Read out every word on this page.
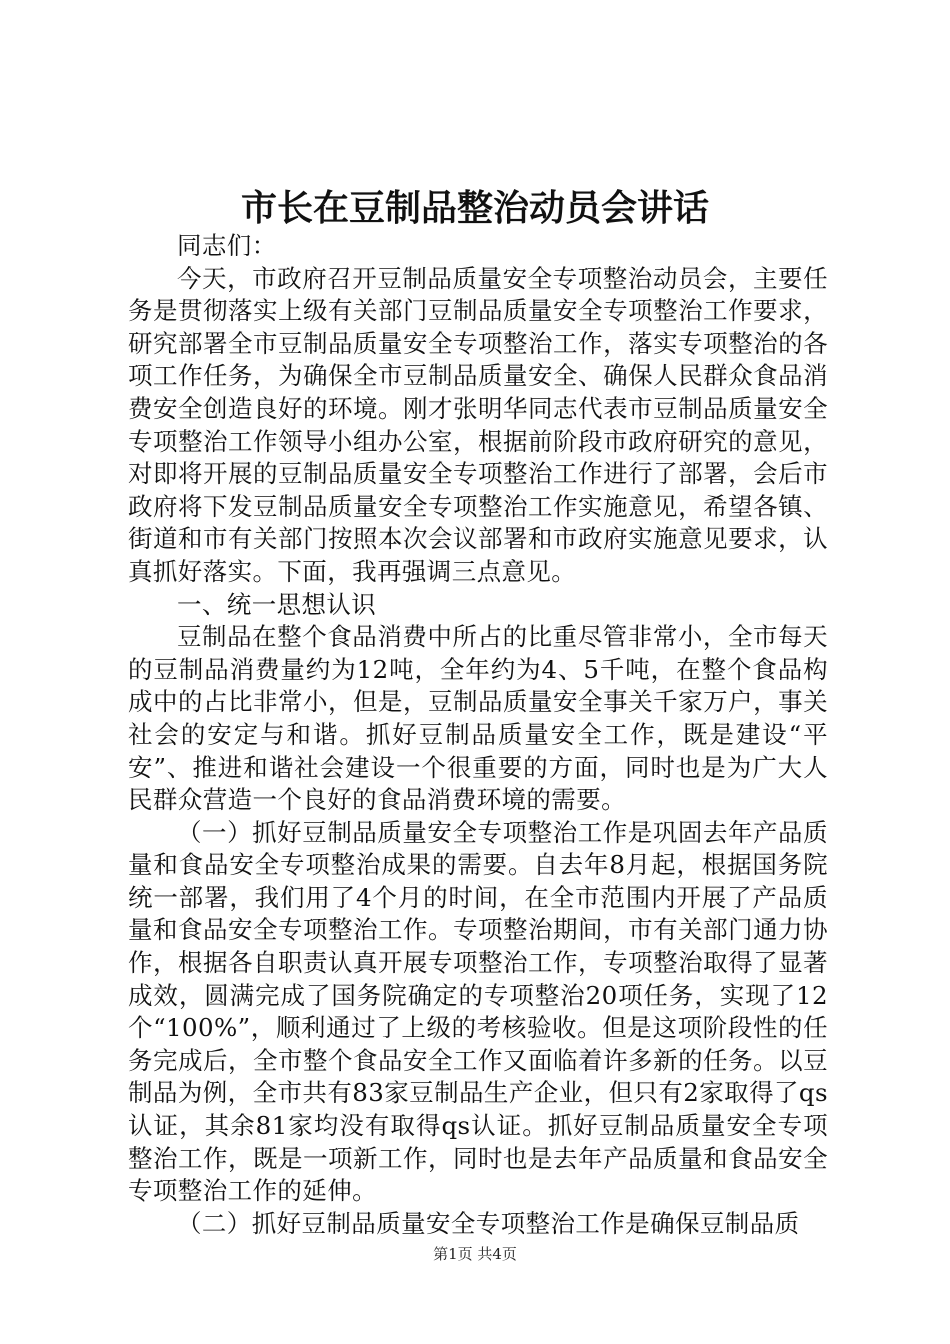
市长在豆制品整治动员会讲话

同志们：

今天，市政府召开豆制品质量安全专项整治动员会，主要任务是贯彻落实上级有关部门豆制品质量安全专项整治工作要求，研究部署全市豆制品质量安全专项整治工作，落实专项整治的各项工作任务，为确保全市豆制品质量安全、确保人民群众食品消费安全创造良好的环境。刚才张明华同志代表市豆制品质量安全专项整治工作领导小组办公室，根据前阶段市政府研究的意见，对即将开展的豆制品质量安全专项整治工作进行了部署，会后市政府将下发豆制品质量安全专项整治工作实施意见，希望各镇、街道和市有关部门按照本次会议部署和市政府实施意见要求，认真抓好落实。下面，我再强调三点意见。

一、统一思想认识

豆制品在整个食品消费中所占的比重尽管非常小，全市每天的豆制品消费量约为12吨，全年约为4、5千吨，在整个食品构成中的占比非常小，但是，豆制品质量安全事关千家万户，事关社会的安定与和谐。抓好豆制品质量安全工作，既是建设“平安”、推进和谐社会建设一个很重要的方面，同时也是为广大人民群众营造一个良好的食品消费环境的需要。

（一）抓好豆制品质量安全专项整治工作是巩固去年产品质量和食品安全专项整治成果的需要。自去年8月起，根据国务院统一部署，我们用了4个月的时间，在全市范围内开展了产品质量和食品安全专项整治工作。专项整治期间，市有关部门通力协作，根据各自职责认真开展专项整治工作，专项整治取得了显著成效，圆满完成了国务院确定的专项整治20项任务，实现了12个“100%”，顺利通过了上级的考核验收。但是这项阶段性的任务完成后，全市整个食品安全工作又面临着许多新的任务。以豆制品为例，全市共有83家豆制品生产企业，但只有2家取得了qs认证，其余81家均没有取得qs认证。抓好豆制品质量安全专项整治工作，既是一项新工作，同时也是去年产品质量和食品安全专项整治工作的延伸。

（二）抓好豆制品质量安全专项整治工作是确保豆制品质

第1页 共4页
